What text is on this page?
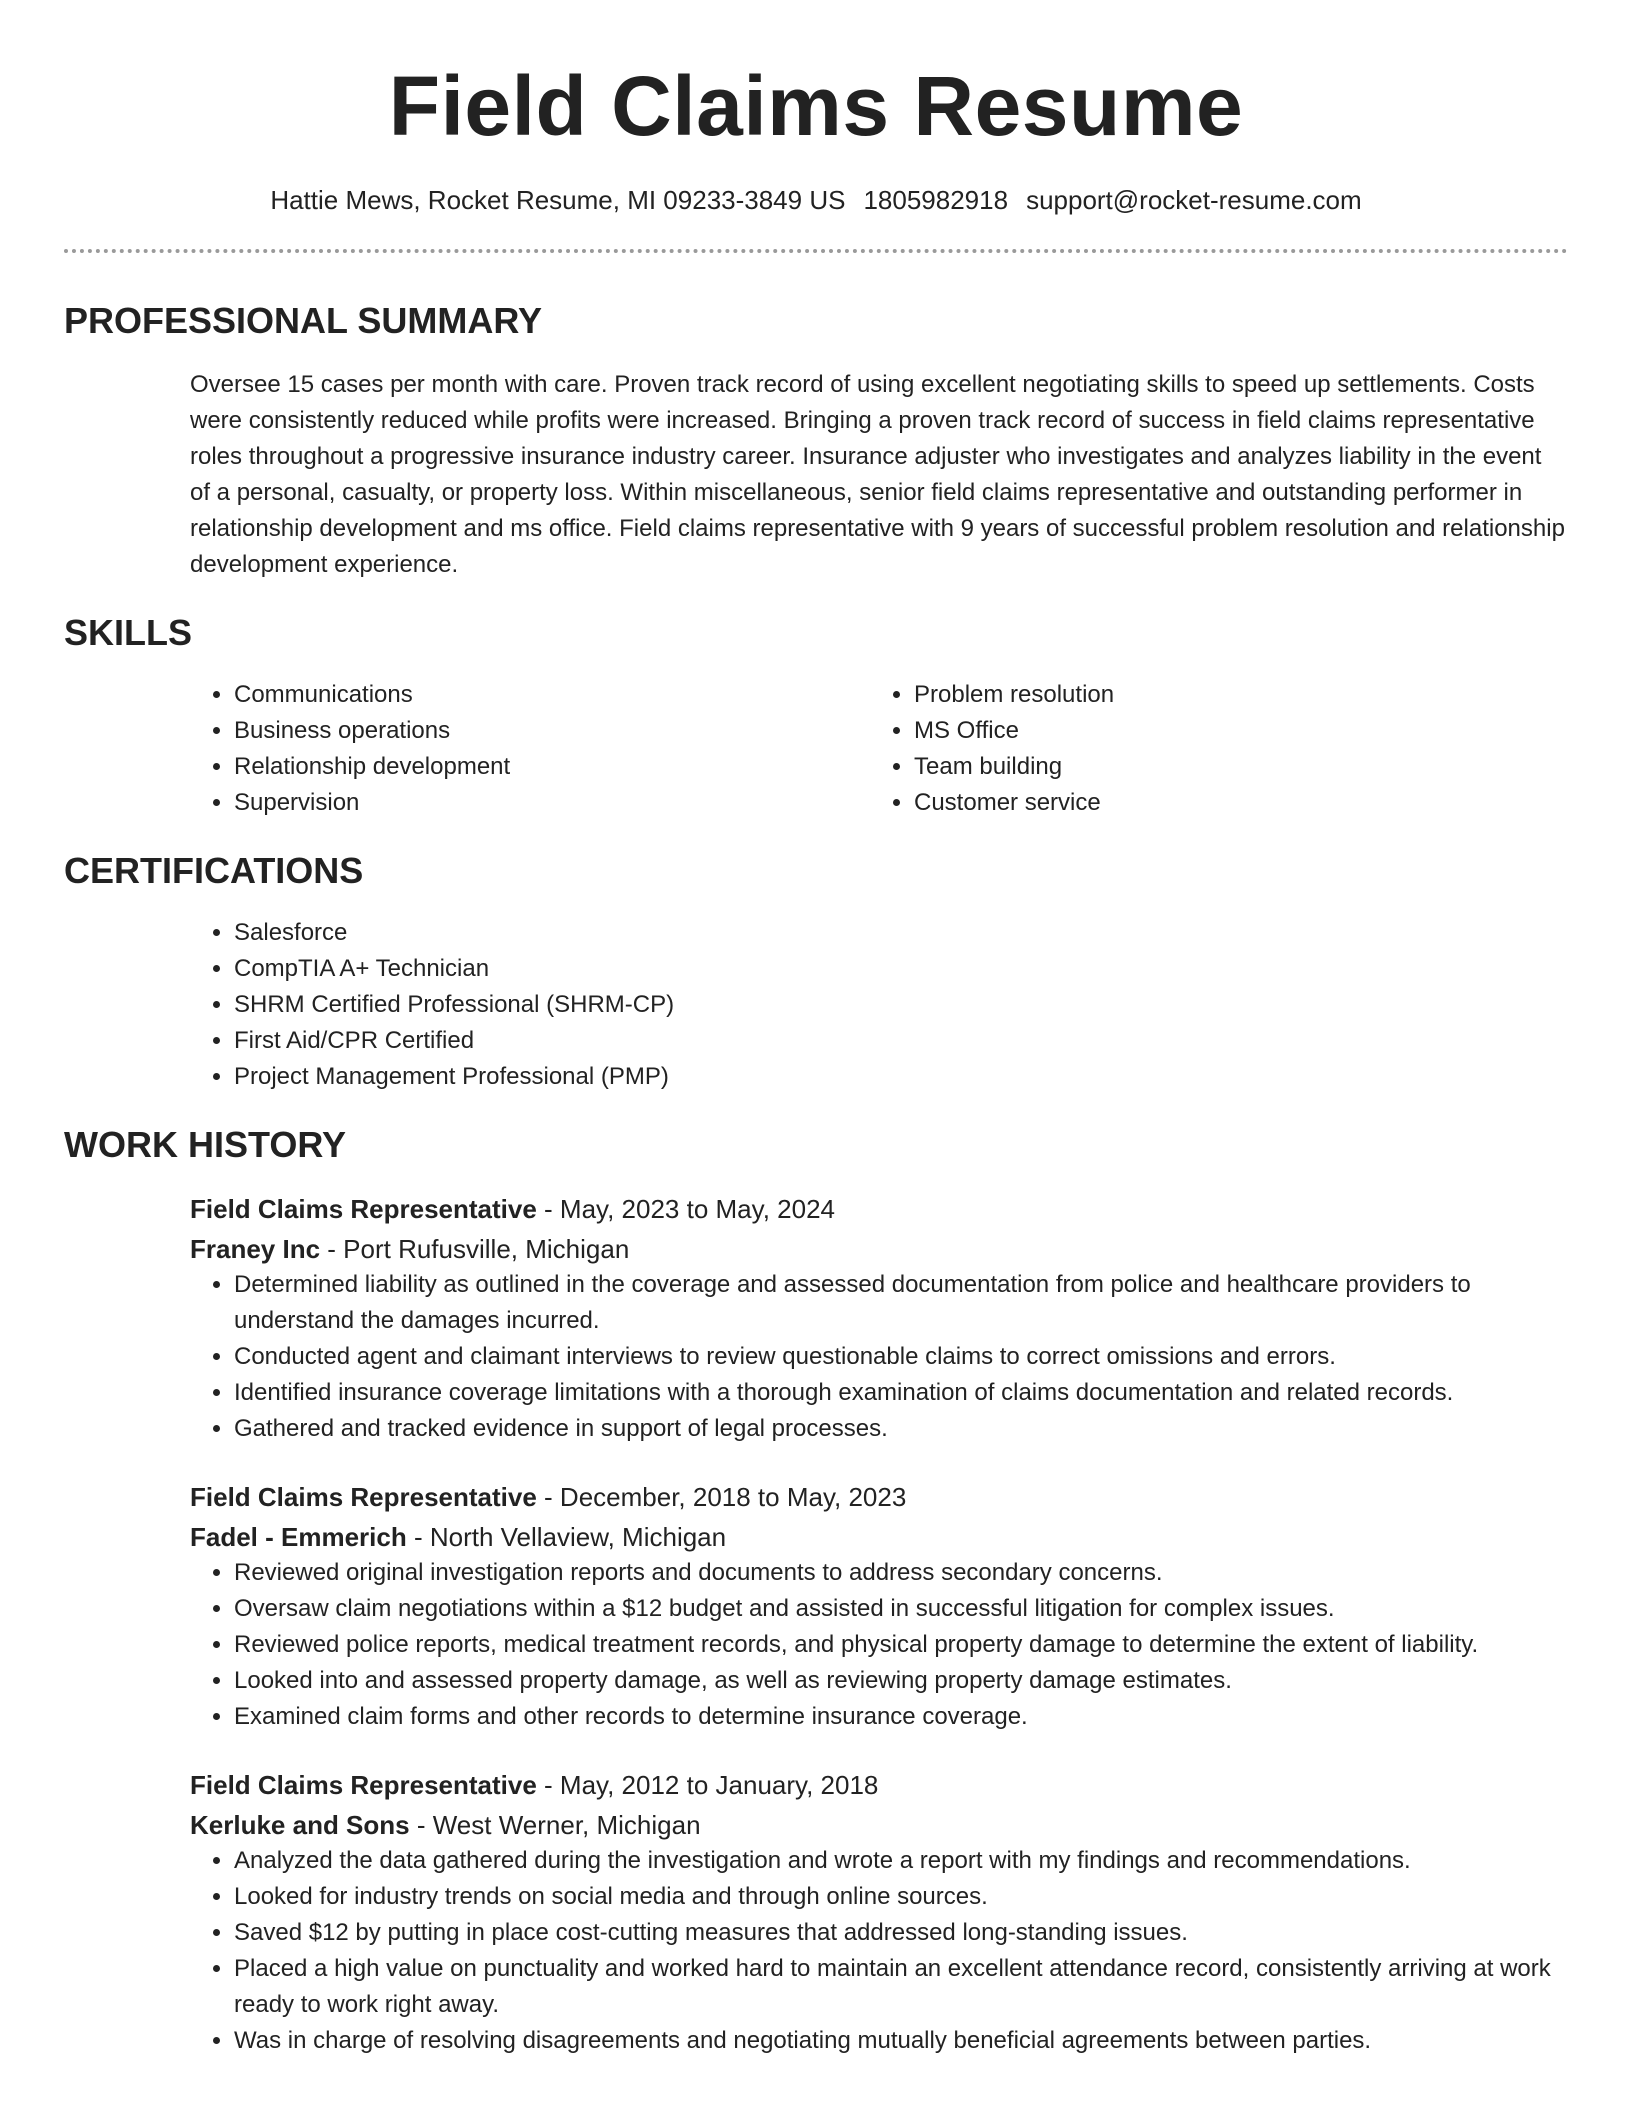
Field Claims Resume
Hattie Mews, Rocket Resume, MI 09233-3849 US 1805982918 support@rocket-resume.com
PROFESSIONAL SUMMARY
Oversee 15 cases per month with care. Proven track record of using excellent negotiating skills to speed up settlements. Costs were consistently reduced while profits were increased. Bringing a proven track record of success in field claims representative roles throughout a progressive insurance industry career. Insurance adjuster who investigates and analyzes liability in the event of a personal, casualty, or property loss. Within miscellaneous, senior field claims representative and outstanding performer in relationship development and ms office. Field claims representative with 9 years of successful problem resolution and relationship development experience.
SKILLS
• Communications
• Business operations
• Relationship development
• Supervision
• Problem resolution
• MS Office
• Team building
• Customer service
CERTIFICATIONS
• Salesforce
• CompTIA A+ Technician
• SHRM Certified Professional (SHRM-CP)
• First Aid/CPR Certified
• Project Management Professional (PMP)
WORK HISTORY
Field Claims Representative - May, 2023 to May, 2024
Franey Inc - Port Rufusville, Michigan
• Determined liability as outlined in the coverage and assessed documentation from police and healthcare providers to understand the damages incurred.
• Conducted agent and claimant interviews to review questionable claims to correct omissions and errors.
• Identified insurance coverage limitations with a thorough examination of claims documentation and related records.
• Gathered and tracked evidence in support of legal processes.
Field Claims Representative - December, 2018 to May, 2023
Fadel - Emmerich - North Vellaview, Michigan
• Reviewed original investigation reports and documents to address secondary concerns.
• Oversaw claim negotiations within a $12 budget and assisted in successful litigation for complex issues.
• Reviewed police reports, medical treatment records, and physical property damage to determine the extent of liability.
• Looked into and assessed property damage, as well as reviewing property damage estimates.
• Examined claim forms and other records to determine insurance coverage.
Field Claims Representative - May, 2012 to January, 2018
Kerluke and Sons - West Werner, Michigan
• Analyzed the data gathered during the investigation and wrote a report with my findings and recommendations.
• Looked for industry trends on social media and through online sources.
• Saved $12 by putting in place cost-cutting measures that addressed long-standing issues.
• Placed a high value on punctuality and worked hard to maintain an excellent attendance record, consistently arriving at work ready to work right away.
• Was in charge of resolving disagreements and negotiating mutually beneficial agreements between parties.
